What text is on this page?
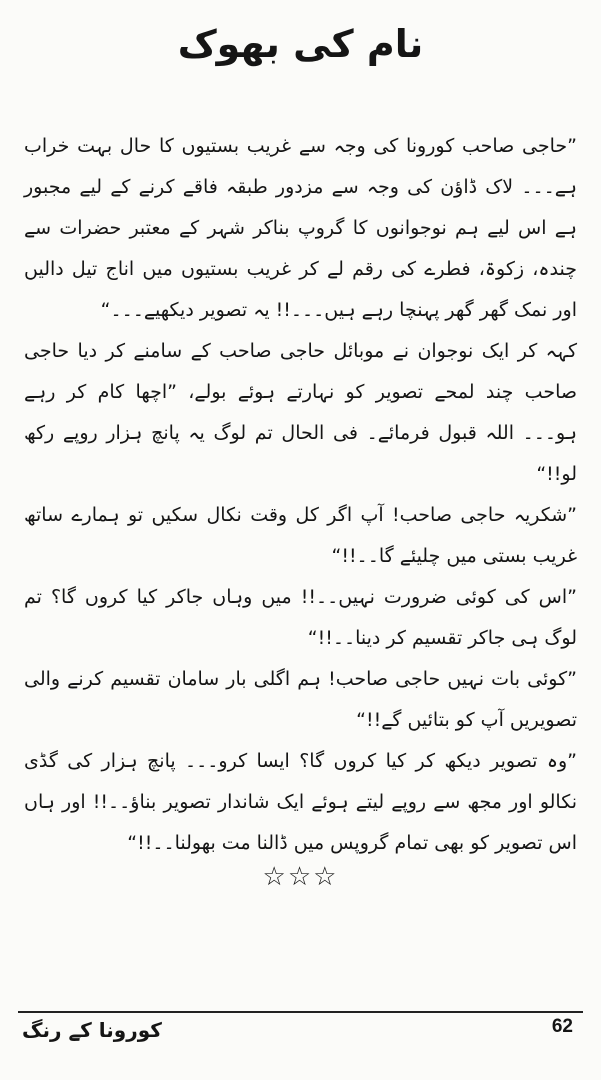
نام کی بھوک

”حاجی صاحب کورونا کی وجہ سے غریب بستیوں کا حال بہت خراب ہے۔۔۔ لاک ڈاؤن کی وجہ سے مزدور طبقہ فاقے کرنے کے لیے مجبور ہے اس لیے ہم نوجوانوں کا گروپ بناکر شہر کے معتبر حضرات سے چندہ، زکوۃ، فطرے کی رقم لے کر غریب بستیوں میں اناج تیل دالیں اور نمک گھر گھر پہنچا رہے ہیں۔۔۔!! یہ تصویر دیکھیے۔۔۔“

کہہ کر ایک نوجوان نے موبائل حاجی صاحب کے سامنے کر دیا حاجی صاحب چند لمحے تصویر کو نہارتے ہوئے بولے، ”اچھا کام کر رہے ہو۔۔۔ اللہ قبول فرمائے۔ فی الحال تم لوگ یہ پانچ ہزار روپے رکھ لو!!“

”شکریہ حاجی صاحب! آپ اگر کل وقت نکال سکیں تو ہمارے ساتھ غریب بستی میں چلیئے گا۔۔!!“

”اس کی کوئی ضرورت نہیں۔۔!! میں وہاں جاکر کیا کروں گا؟ تم لوگ ہی جاکر تقسیم کر دینا۔۔!!“

”کوئی بات نہیں حاجی صاحب! ہم اگلی بار سامان تقسیم کرنے والی تصویریں آپ کو بتائیں گے!!“

”وہ تصویر دیکھ کر کیا کروں گا؟ ایسا کرو۔۔۔ پانچ ہزار کی گڈی نکالو اور مجھ سے روپے لیتے ہوئے ایک شاندار تصویر بناؤ۔۔!! اور ہاں اس تصویر کو بھی تمام گروپس میں ڈالنا مت بھولنا۔۔!!“

☆☆☆
62
کورونا کے رنگ
